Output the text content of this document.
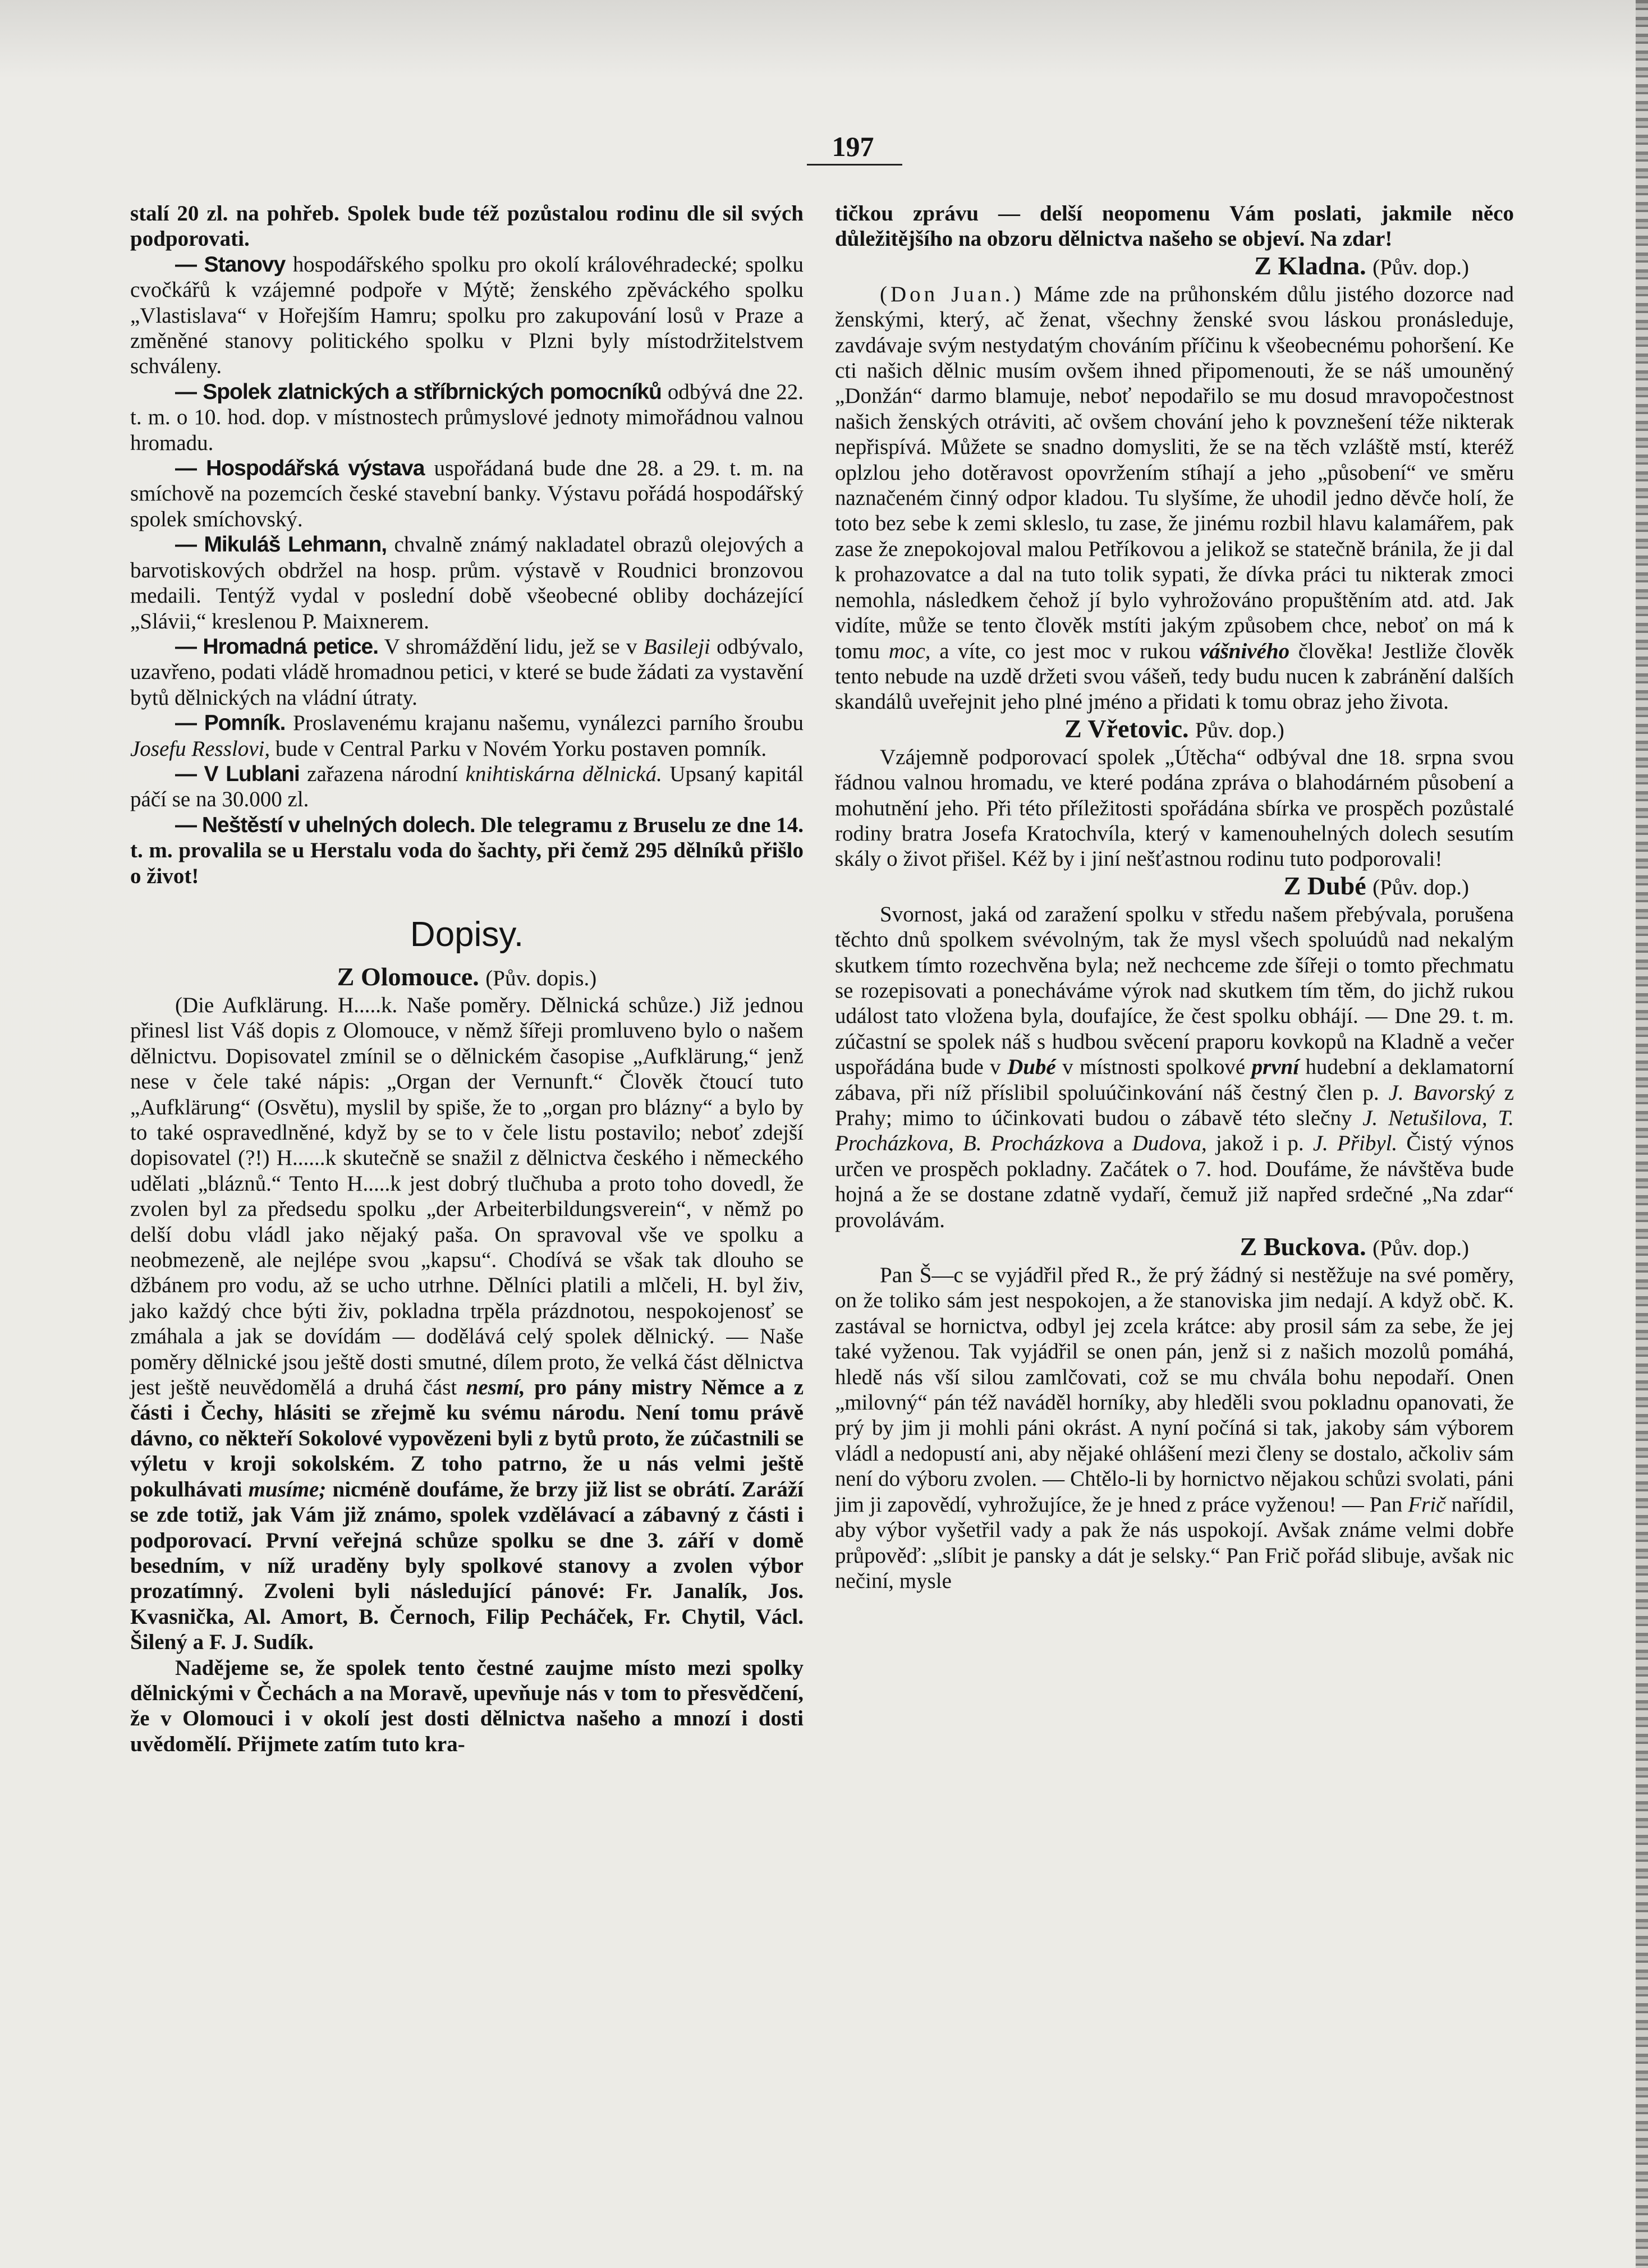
197

stalí 20 zl. na pohřeb. Spolek bude též pozůstalou rodinu dle sil svých podporovati.

— Stanovy hospodářského spolku pro okolí královéhradecké; spolku cvočkářů k vzájemné podpoře v Mýtě; ženského zpěváckého spolku „Vlastislava“ v Hořejším Hamru; spolku pro zakupování losů v Praze a změněné stanovy politického spolku v Plzni byly místodržitelstvem schváleny.

— Spolek zlatnických a stříbrnických pomocníků odbývá dne 22. t. m. o 10. hod. dop. v místnostech průmyslové jednoty mimořádnou valnou hromadu.

— Hospodářská výstava uspořádaná bude dne 28. a 29. t. m. na smíchově na pozemcích české stavební banky. Výstavu pořádá hospodářský spolek smíchovský.

— Mikuláš Lehmann, chvalně známý nakladatel obrazů olejových a barvotiskových obdržel na hosp. prům. výstavě v Roudnici bronzovou medaili. Tentýž vydal v poslední době všeobecné obliby docházející „Slávii,“ kreslenou P. Maixnerem.

— Hromadná petice. V shromáždění lidu, jež se v Basileji odbývalo, uzavřeno, podati vládě hromadnou petici, v které se bude žádati za vystavění bytů dělnických na vládní útraty.

— Pomník. Proslavenému krajanu našemu, vynálezci parního šroubu Josefu Resslovi, bude v Central Parku v Novém Yorku postaven pomník.

— V Lublani zařazena národní knihtiskárna dělnická. Upsaný kapitál páčí se na 30.000 zl.

— Neštěstí v uhelných dolech. Dle telegramu z Bruselu ze dne 14. t. m. provalila se u Herstalu voda do šachty, při čemž 295 dělníků přišlo o život!

Dopisy.
Z Olomouce. (Pův. dopis.)

(Die Aufklärung. H.....k. Naše poměry. Dělnická schůze.) Již jednou přinesl list Váš dopis z Olomouce, v němž šířeji promluveno bylo o našem dělnictvu. Dopisovatel zmínil se o dělnickém časopise „Aufklärung,“ jenž nese v čele také nápis: „Organ der Vernunft.“ Člověk čtoucí tuto „Aufklärung“ (Osvětu), myslil by spiše, že to „organ pro blázny“ a bylo by to také ospravedlněné, když by se to v čele listu postavilo; neboť zdejší dopisovatel (?!) H......k skutečně se snažil z dělnictva českého i německého udělati „bláznů.“ Tento H.....k jest dobrý tlučhuba a proto toho dovedl, že zvolen byl za předsedu spolku „der Arbeiterbildungsverein“, v němž po delší dobu vládl jako nějaký paša. On spravoval vše ve spolku a neobmezeně, ale nejlépe svou „kapsu“. Chodívá se však tak dlouho se džbánem pro vodu, až se ucho utrhne. Dělníci platili a mlčeli, H. byl živ, jako každý chce býti živ, pokladna trpěla prázdnotou, nespokojenosť se zmáhala a jak se dovídám — dodělává celý spolek dělnický. — Naše poměry dělnické jsou ještě dosti smutné, dílem proto, že velká část dělnictva jest ještě neuvědomělá a druhá část nesmí, pro pány mistry Němce a z části i Čechy, hlásiti se zřejmě ku svému národu. Není tomu právě dávno, co někteří Sokolové vypovězeni byli z bytů proto, že zúčastnili se výletu v kroji sokolském. Z toho patrno, že u nás velmi ještě pokulhávati musíme; nicméně doufáme, že brzy již list se obrátí. Zaráží se zde totiž, jak Vám již známo, spolek vzdělávací a zábavný z části i podporovací. První veřejná schůze spolku se dne 3. září v domě besedním, v níž uraděny byly spolkové stanovy a zvolen výbor prozatímný. Zvoleni byli následující pánové: Fr. Janalík, Jos. Kvasnička, Al. Amort, B. Černoch, Filip Pecháček, Fr. Chytil, Václ. Šilený a F. J. Sudík.

Nadějeme se, že spolek tento čestné zaujme místo mezi spolky dělnickými v Čechách a na Moravě, upevňuje nás v tom to přesvědčení, že v Olomouci i v okolí jest dosti dělnictva našeho a mnozí i dosti uvědomělí. Přijmete zatím tuto kra-

tičkou zprávu — delší neopomenu Vám poslati, jakmile něco důležitějšího na obzoru dělnictva našeho se objeví. Na zdar!

Z Kladna. (Pův. dop.)

(Don Juan.) Máme zde na průhonském důlu jistého dozorce nad ženskými, který, ač ženat, všechny ženské svou láskou pronásleduje, zavdávaje svým nestydatým chováním příčinu k všeobecnému pohoršení. Ke cti našich dělnic musím ovšem ihned připomenouti, že se náš umouněný „Donžán“ darmo blamuje, neboť nepodařilo se mu dosud mravopočestnost našich ženských otráviti, ač ovšem chování jeho k povznešení téže nikterak nepřispívá. Můžete se snadno domysliti, že se na těch vzláště mstí, kteréž oplzlou jeho dotěravost opovržením stíhají a jeho „působení“ ve směru naznačeném činný odpor kladou. Tu slyšíme, že uhodil jedno děvče holí, že toto bez sebe k zemi skleslo, tu zase, že jinému rozbil hlavu kalamářem, pak zase že znepokojoval malou Petříkovou a jelikož se statečně bránila, že ji dal k prohazovatce a dal na tuto tolik sypati, že dívka práci tu nikterak zmoci nemohla, následkem čehož jí bylo vyhrožováno propuštěním atd. atd. Jak vidíte, může se tento člověk mstíti jakým způsobem chce, neboť on má k tomu moc, a víte, co jest moc v rukou vášnivého člověka! Jestliže člověk tento nebude na uzdě držeti svou vášeň, tedy budu nucen k zabránění dalších skandálů uveřejnit jeho plné jméno a přidati k tomu obraz jeho života.

Z Vřetovic. Pův. dop.)

Vzájemně podporovací spolek „Útěcha“ odbýval dne 18. srpna svou řádnou valnou hromadu, ve které podána zpráva o blahodárném působení a mohutnění jeho. Při této příležitosti spořádána sbírka ve prospěch pozůstalé rodiny bratra Josefa Kratochvíla, který v kamenouhelných dolech sesutím skály o život přišel. Kéž by i jiní nešťastnou rodinu tuto podporovali!

Z Dubé (Pův. dop.)

Svornost, jaká od zaražení spolku v středu našem přebývala, porušena těchto dnů spolkem svévolným, tak že mysl všech spoluúdů nad nekalým skutkem tímto rozechvěna byla; než nechceme zde šířeji o tomto přechmatu se rozepisovati a ponecháváme výrok nad skutkem tím těm, do jichž rukou událost tato vložena byla, doufajíce, že čest spolku obhájí. — Dne 29. t. m. zúčastní se spolek náš s hudbou svěcení praporu kovkopů na Kladně a večer uspořádána bude v Dubé v místnosti spolkové první hudební a deklamatorní zábava, při níž příslibil spoluúčinkování náš čestný člen p. J. Bavorský z Prahy; mimo to účinkovati budou o zábavě této slečny J. Netušilova, T. Procházkova, B. Procházkova a Dudova, jakož i p. J. Přibyl. Čistý výnos určen ve prospěch pokladny. Začátek o 7. hod. Doufáme, že návštěva bude hojná a že se dostane zdatně vydaří, čemuž již napřed srdečné „Na zdar“ provolávám.

Z Buckova. (Pův. dop.)

Pan Š—c se vyjádřil před R., že prý žádný si nestěžuje na své poměry, on že toliko sám jest nespokojen, a že stanoviska jim nedají. A když obč. K. zastával se hornictva, odbyl jej zcela krátce: aby prosil sám za sebe, že jej také vyženou. Tak vyjádřil se onen pán, jenž si z našich mozolů pomáhá, hledě nás vší silou zamlčovati, což se mu chvála bohu nepodaří. Onen „milovný“ pán též naváděl horníky, aby hleděli svou pokladnu opanovati, že prý by jim ji mohli páni okrást. A nyní počíná si tak, jakoby sám výborem vládl a nedopustí ani, aby nějaké ohlášení mezi členy se dostalo, ačkoliv sám není do výboru zvolen. — Chtělo-li by hornictvo nějakou schůzi svolati, páni jim ji zapovědí, vyhrožujíce, že je hned z práce vyženou! — Pan Frič nařídil, aby výbor vyšetřil vady a pak že nás uspokojí. Avšak známe velmi dobře průpověď: „slíbit je pansky a dát je selsky.“ Pan Frič pořád slibuje, avšak nic nečiní, mysle
